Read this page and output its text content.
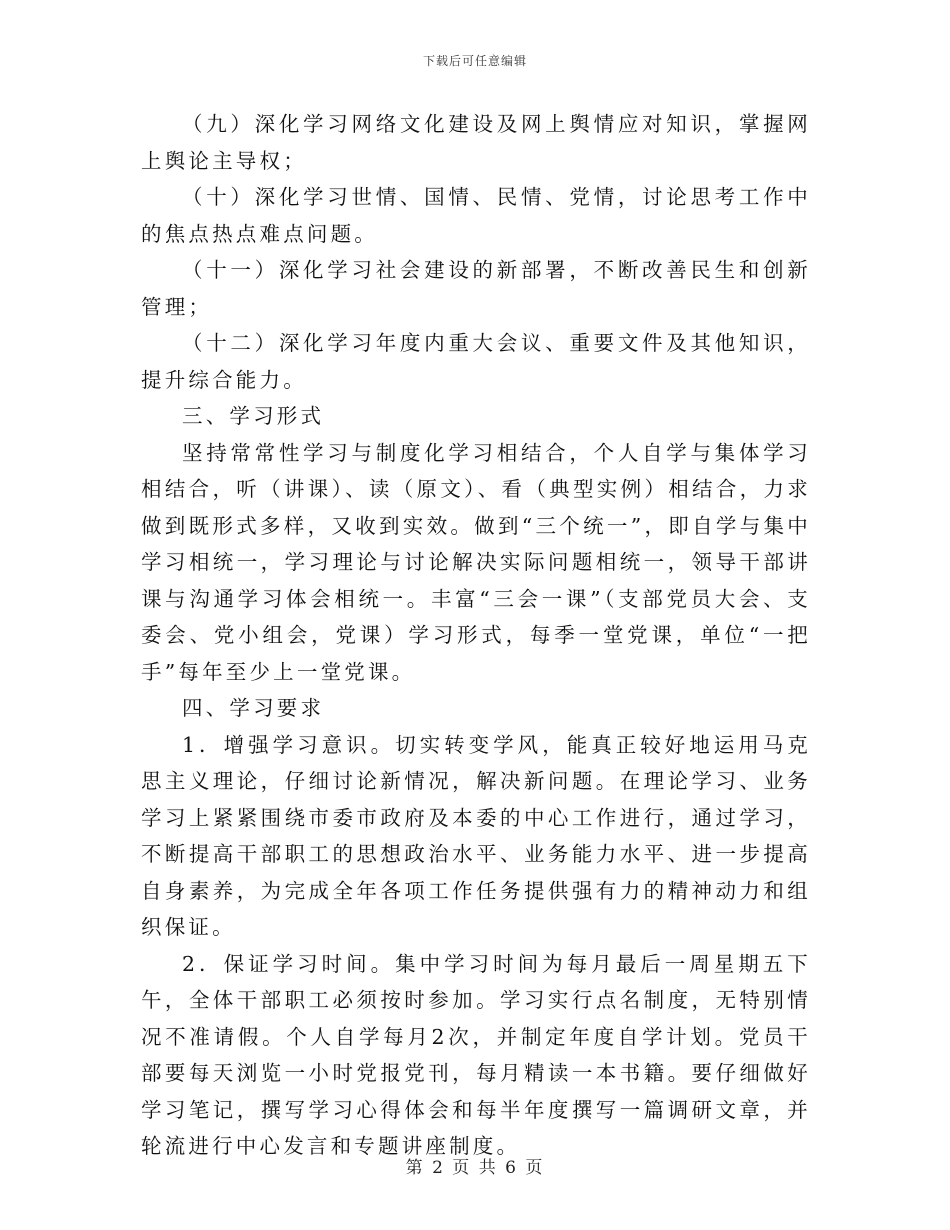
下载后可任意编辑

（九）深化学习网络文化建设及网上舆情应对知识，掌握网上舆论主导权；

（十）深化学习世情、国情、民情、党情，讨论思考工作中的焦点热点难点问题。

（十一）深化学习社会建设的新部署，不断改善民生和创新管理；

（十二）深化学习年度内重大会议、重要文件及其他知识，提升综合能力。

三、学习形式

坚持常常性学习与制度化学习相结合，个人自学与集体学习相结合，听（讲课）、读（原文）、看（典型实例）相结合，力求做到既形式多样，又收到实效。做到“三个统一”，即自学与集中学习相统一，学习理论与讨论解决实际问题相统一，领导干部讲课与沟通学习体会相统一。丰富“三会一课”（支部党员大会、支委会、党小组会，党课）学习形式，每季一堂党课，单位“一把手”每年至少上一堂党课。

四、学习要求

1．增强学习意识。切实转变学风，能真正较好地运用马克思主义理论，仔细讨论新情况，解决新问题。在理论学习、业务学习上紧紧围绕市委市政府及本委的中心工作进行，通过学习，不断提高干部职工的思想政治水平、业务能力水平、进一步提高自身素养，为完成全年各项工作任务提供强有力的精神动力和组织保证。

2．保证学习时间。集中学习时间为每月最后一周星期五下午，全体干部职工必须按时参加。学习实行点名制度，无特别情况不准请假。个人自学每月2次，并制定年度自学计划。党员干部要每天浏览一小时党报党刊，每月精读一本书籍。要仔细做好学习笔记，撰写学习心得体会和每半年度撰写一篇调研文章，并轮流进行中心发言和专题讲座制度。

第 2 页 共 6 页
